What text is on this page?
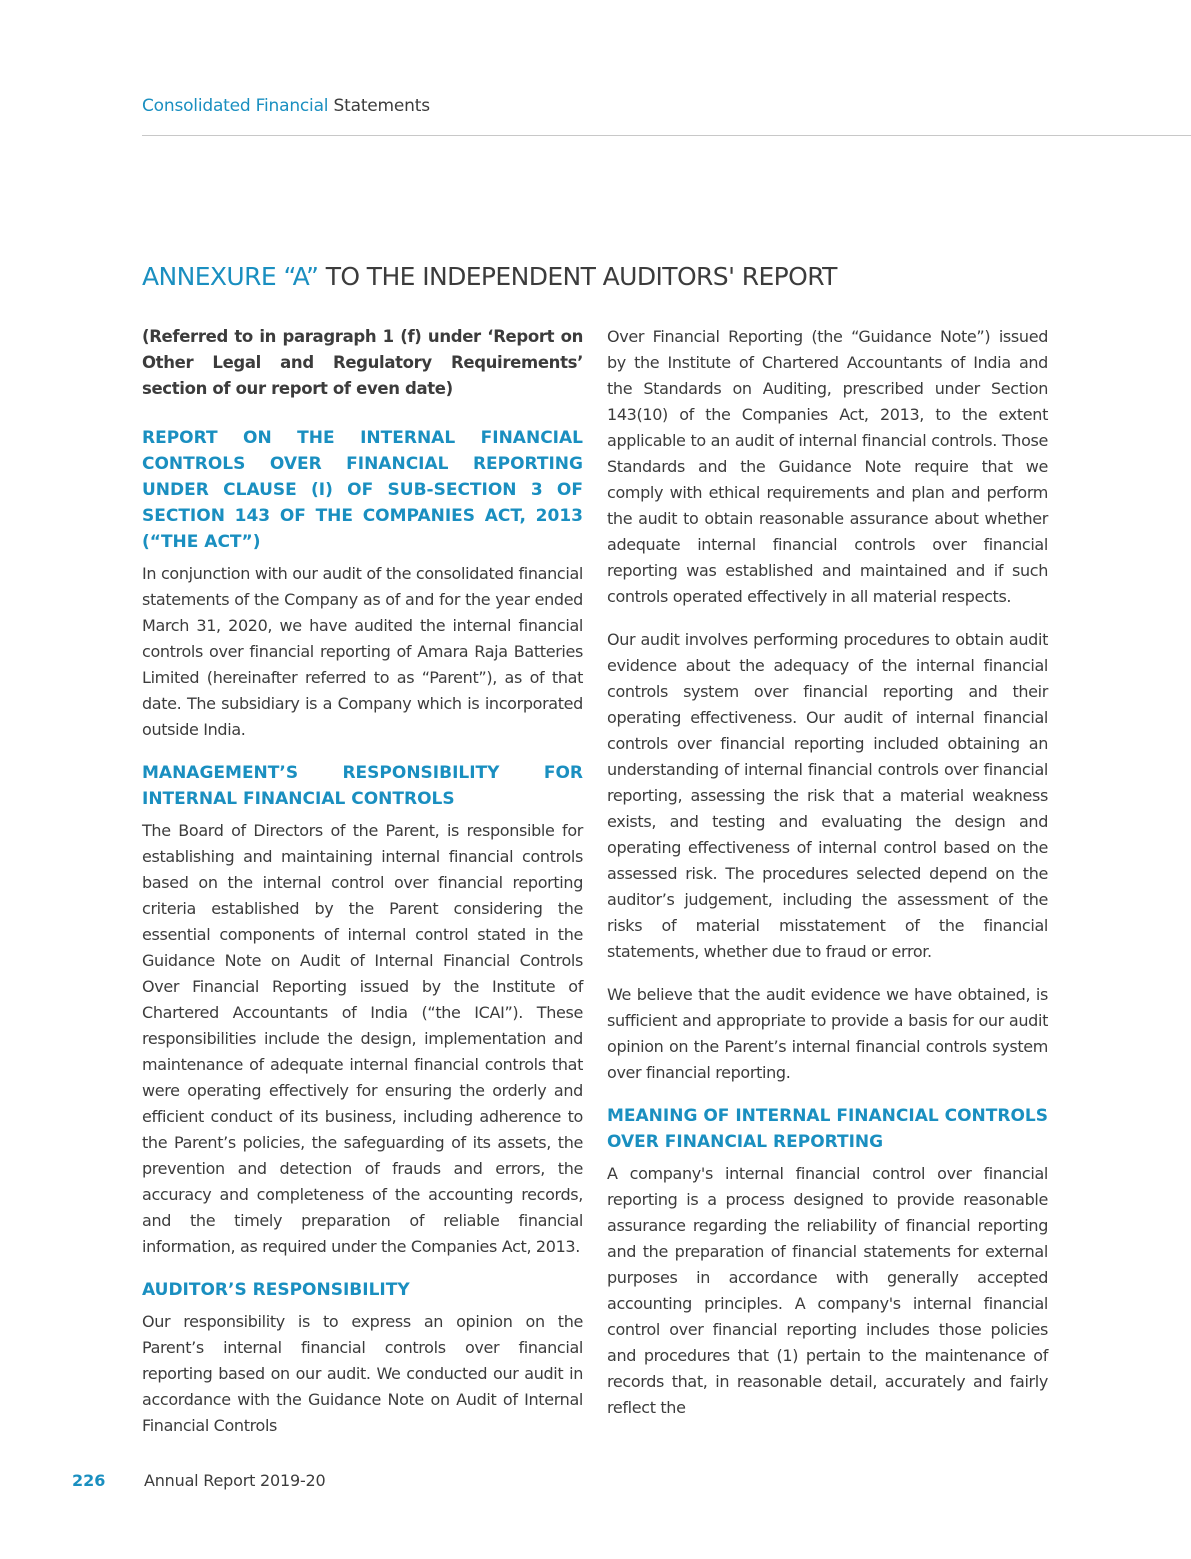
Consolidated Financial Statements
ANNEXURE “A” TO THE INDEPENDENT AUDITORS' REPORT

(Referred to in paragraph 1 (f) under ‘Report on Other Legal and Regulatory Requirements’ section of our report of even date)

REPORT ON THE INTERNAL FINANCIAL CONTROLS OVER FINANCIAL REPORTING UNDER CLAUSE (I) OF SUB-SECTION 3 OF SECTION 143 OF THE COMPANIES ACT, 2013 (“THE ACT”)

In conjunction with our audit of the consolidated financial statements of the Company as of and for the year ended March 31, 2020, we have audited the internal financial controls over financial reporting of Amara Raja Batteries Limited (hereinafter referred to as “Parent”), as of that date. The subsidiary is a Company which is incorporated outside India.

MANAGEMENT’S RESPONSIBILITY FOR INTERNAL FINANCIAL CONTROLS

The Board of Directors of the Parent, is responsible for establishing and maintaining internal financial controls based on the internal control over financial reporting criteria established by the Parent considering the essential components of internal control stated in the Guidance Note on Audit of Internal Financial Controls Over Financial Reporting issued by the Institute of Chartered Accountants of India (“the ICAI”). These responsibilities include the design, implementation and maintenance of adequate internal financial controls that were operating effectively for ensuring the orderly and efficient conduct of its business, including adherence to the Parent’s policies, the safeguarding of its assets, the prevention and detection of frauds and errors, the accuracy and completeness of the accounting records, and the timely preparation of reliable financial information, as required under the Companies Act, 2013.

AUDITOR’S RESPONSIBILITY

Our responsibility is to express an opinion on the Parent’s internal financial controls over financial reporting based on our audit. We conducted our audit in accordance with the Guidance Note on Audit of Internal Financial Controls

Over Financial Reporting (the “Guidance Note”) issued by the Institute of Chartered Accountants of India and the Standards on Auditing, prescribed under Section 143(10) of the Companies Act, 2013, to the extent applicable to an audit of internal financial controls. Those Standards and the Guidance Note require that we comply with ethical requirements and plan and perform the audit to obtain reasonable assurance about whether adequate internal financial controls over financial reporting was established and maintained and if such controls operated effectively in all material respects.

Our audit involves performing procedures to obtain audit evidence about the adequacy of the internal financial controls system over financial reporting and their operating effectiveness. Our audit of internal financial controls over financial reporting included obtaining an understanding of internal financial controls over financial reporting, assessing the risk that a material weakness exists, and testing and evaluating the design and operating effectiveness of internal control based on the assessed risk. The procedures selected depend on the auditor’s judgement, including the assessment of the risks of material misstatement of the financial statements, whether due to fraud or error.

We believe that the audit evidence we have obtained, is sufficient and appropriate to provide a basis for our audit opinion on the Parent’s internal financial controls system over financial reporting.

MEANING OF INTERNAL FINANCIAL CONTROLS OVER FINANCIAL REPORTING

A company's internal financial control over financial reporting is a process designed to provide reasonable assurance regarding the reliability of financial reporting and the preparation of financial statements for external purposes in accordance with generally accepted accounting principles. A company's internal financial control over financial reporting includes those policies and procedures that (1) pertain to the maintenance of records that, in reasonable detail, accurately and fairly reflect the

226 Annual Report 2019-20
